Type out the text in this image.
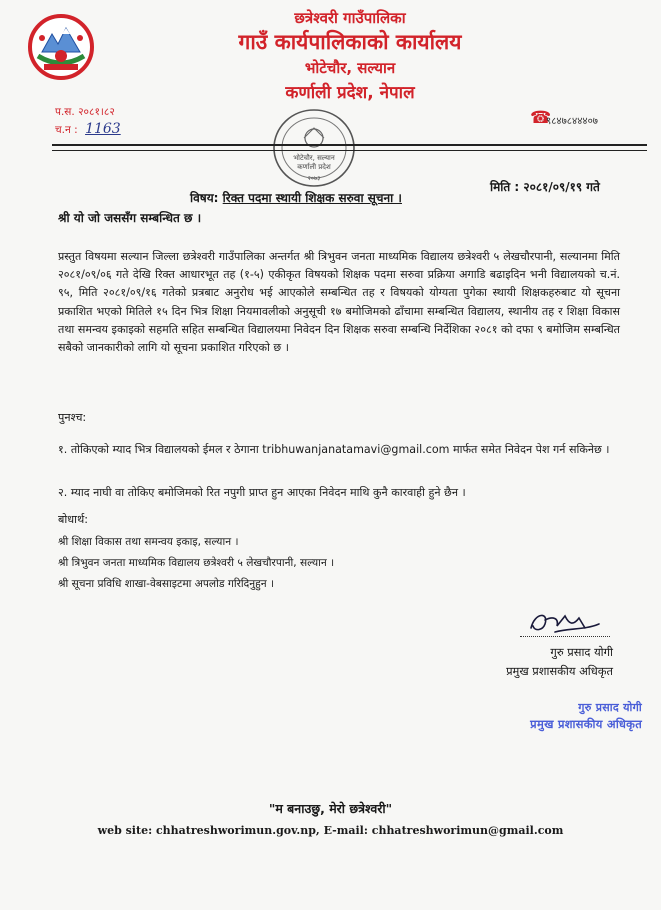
छत्रेश्वरी गाउँपालिका
गाउँ कार्यपालिकाको कार्यालय
भोटेचौर, सल्यान
कर्णाली प्रदेश, नेपाल
प.स. २०८१।८२
च.न : 1163
☎
९८४७८४४४०७
भोटेचौर, सल्यान
कर्णाली प्रदेश
२०७३
मिति : २०८१/०९/१९ गते
विषय: रिक्त पदमा स्थायी शिक्षक सरुवा सूचना ।
श्री यो जो जससँग सम्बन्धित छ ।
प्रस्तुत विषयमा सल्यान जिल्ला छत्रेश्वरी गाउँपालिका अन्तर्गत श्री त्रिभुवन जनता माध्यमिक विद्यालय छत्रेश्वरी ५ लेखचौरपानी, सल्यानमा मिति २०८१/०९/०६ गते देखि रिक्त आधारभूत तह (१-५) एकीकृत विषयको शिक्षक पदमा सरुवा प्रक्रिया अगाडि बढाइदिन भनी विद्यालयको च.नं. ९५, मिति २०८१/०९/१६ गतेको प्रत्रबाट अनुरोध भई आएकोले सम्बन्धित तह र विषयको योग्यता पुगेका स्थायी शिक्षकहरुबाट यो सूचना प्रकाशित भएको मितिले १५ दिन भित्र शिक्षा नियमावलीको अनुसूची १७ बमोजिमको ढाँचामा सम्बन्धित विद्यालय, स्थानीय तह र शिक्षा विकास तथा समन्वय इकाइको सहमति सहित सम्बन्धित विद्यालयमा निवेदन दिन शिक्षक सरुवा सम्बन्धि निर्देशिका २०८१ को दफा ९ बमोजिम सम्बन्धित सबैको जानकारीको लागि यो सूचना प्रकाशित गरिएको छ ।
पुनश्च:
१. तोकिएको म्याद भित्र विद्यालयको ईमल र ठेगाना tribhuwanjanatamavi@gmail.com मार्फत समेत निवेदन पेश गर्न सकिनेछ ।
२. म्याद नाघी वा तोकिए बमोजिमको रित नपुगी प्राप्त हुन आएका निवेदन माथि कुनै कारवाही हुने छैन ।
बोधार्थ:
श्री शिक्षा विकास तथा समन्वय इकाइ, सल्यान ।
श्री त्रिभुवन जनता माध्यमिक विद्यालय छत्रेश्वरी ५ लेखचौरपानी, सल्यान ।
श्री सूचना प्रविधि शाखा-वेबसाइटमा अपलोड गरिदिनुहुन ।
गुरु प्रसाद योगी
प्रमुख प्रशासकीय अधिकृत
गुरु प्रसाद योगी
प्रमुख प्रशासकीय अधिकृत
"म बनाउछु, मेरो छत्रेश्वरी"
web site: chhatreshworimun.gov.np, E-mail: chhatreshworimun@gmail.com
